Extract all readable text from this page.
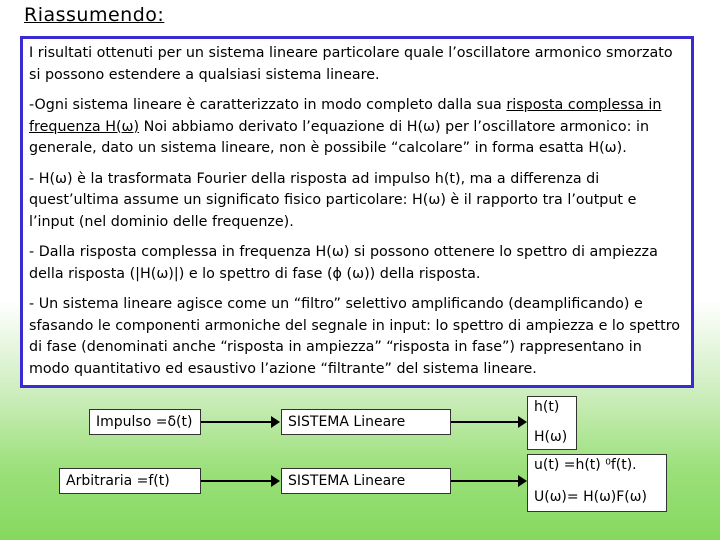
Riassumendo:

I risultati ottenuti per un sistema lineare particolare quale l’oscillatore armonico smorzato si possono estendere a qualsiasi sistema lineare.

-Ogni sistema lineare è caratterizzato in modo completo dalla sua risposta complessa in frequenza H(ω) Noi abbiamo derivato l’equazione di H(ω) per l’oscillatore armonico: in generale, dato un sistema lineare, non è possibile “calcolare” in forma esatta H(ω).

- H(ω) è la trasformata Fourier della risposta ad impulso h(t), ma a differenza di quest’ultima assume un significato fisico particolare: H(ω) è il rapporto tra l’output e l’input (nel dominio delle frequenze).

- Dalla risposta complessa in frequenza H(ω) si possono ottenere lo spettro di ampiezza della risposta (|H(ω)|) e lo spettro di fase (ϕ (ω)) della risposta.

- Un sistema lineare agisce come un “filtro” selettivo amplificando (deamplificando) e sfasando le componenti armoniche del segnale in input: lo spettro di ampiezza e lo spettro di fase (denominati anche “risposta in ampiezza” “risposta in fase”) rappresentano in modo quantitativo ed esaustivo l’azione “filtrante” del sistema lineare.

Impulso =δ(t)	SISTEMA Lineare
h(t)
H(ω)
Arbitraria =f(t)	SISTEMA Lineare
u(t) =h(t) ⁰f(t).
U(ω)= H(ω)F(ω)
